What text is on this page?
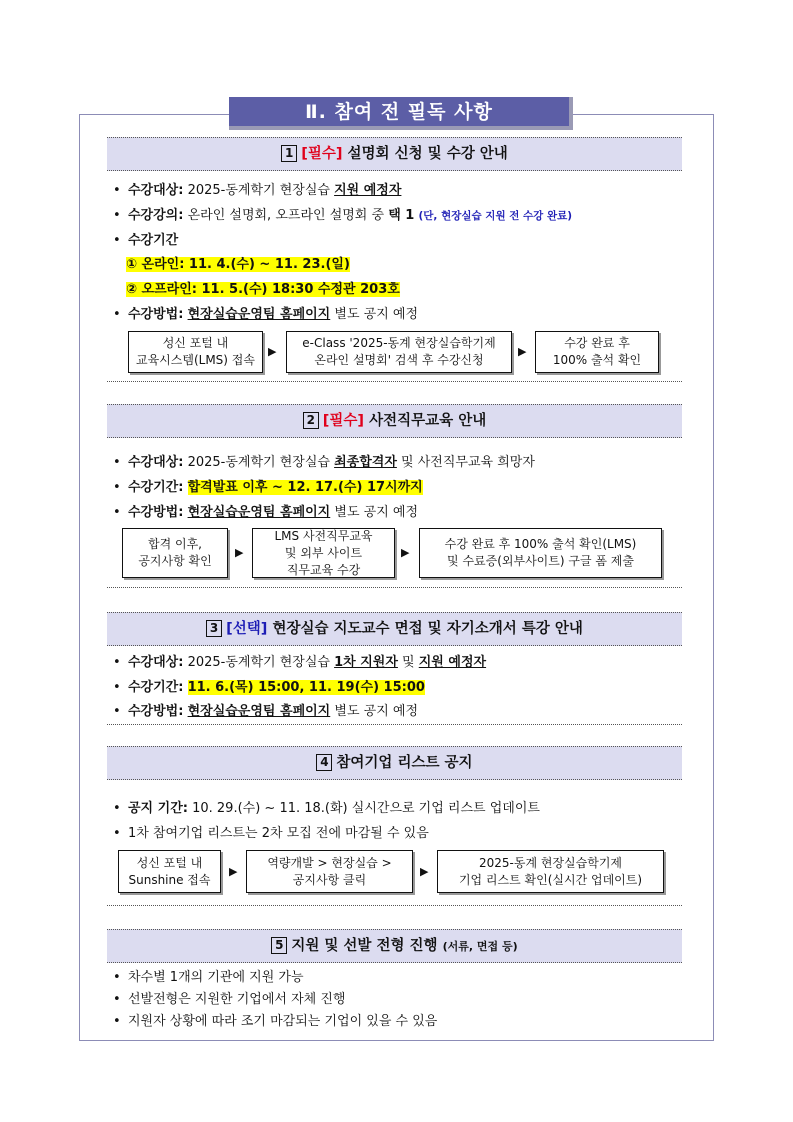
Ⅱ. 참여 전 필독 사항
1 [필수] 설명회 신청 및 수강 안내
• 수강대상: 2025-동계학기 현장실습 지원 예정자
• 수강강의: 온라인 설명회, 오프라인 설명회 중 택 1 (단, 현장실습 지원 전 수강 완료)
• 수강기간
① 온라인: 11. 4.(수) ~ 11. 23.(일)
② 오프라인: 11. 5.(수) 18:30 수정관 203호
• 수강방법: 현장실습운영팀 홈페이지 별도 공지 예정
성신 포털 내
교육시스템(LMS) 접속
▶
e-Class '2025-동계 현장실습학기제
온라인 설명회' 검색 후 수강신청
▶
수강 완료 후
100% 출석 확인
2 [필수] 사전직무교육 안내
• 수강대상: 2025-동계학기 현장실습 최종합격자 및 사전직무교육 희망자
• 수강기간: 합격발표 이후 ~ 12. 17.(수) 17시까지
• 수강방법: 현장실습운영팀 홈페이지 별도 공지 예정
합격 이후,
공지사항 확인
▶
LMS 사전직무교육
및 외부 사이트
직무교육 수강
▶
수강 완료 후 100% 출석 확인(LMS)
및 수료증(외부사이트) 구글 폼 제출
3 [선택] 현장실습 지도교수 면접 및 자기소개서 특강 안내
• 수강대상: 2025-동계학기 현장실습 1차 지원자 및 지원 예정자
• 수강기간: 11. 6.(목) 15:00, 11. 19(수) 15:00
• 수강방법: 현장실습운영팀 홈페이지 별도 공지 예정
4 참여기업 리스트 공지
• 공지 기간: 10. 29.(수) ~ 11. 18.(화) 실시간으로 기업 리스트 업데이트
• 1차 참여기업 리스트는 2차 모집 전에 마감될 수 있음
성신 포털 내
Sunshine 접속
▶
역량개발 > 현장실습 >
공지사항 클릭
▶
2025-동계 현장실습학기제
기업 리스트 확인(실시간 업데이트)
5 지원 및 선발 전형 진행 (서류, 면접 등)
• 차수별 1개의 기관에 지원 가능
• 선발전형은 지원한 기업에서 자체 진행
• 지원자 상황에 따라 조기 마감되는 기업이 있을 수 있음
